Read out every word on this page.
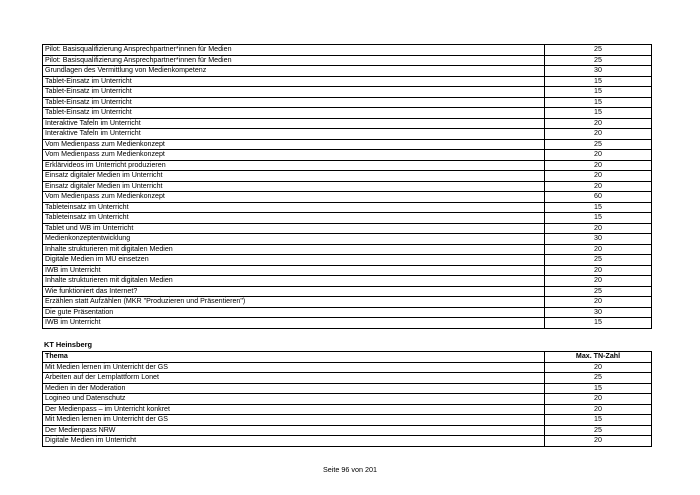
Pilot: Basisqualifizierung Ansprechpartner*innen für Medien	25
Pilot: Basisqualifizierung Ansprechpartner*innen für Medien	25
Grundlagen des Vermittlung von Medienkompetenz	30
Tablet-Einsatz im Unterricht	15
Tablet-Einsatz im Unterricht	15
Tablet-Einsatz im Unterricht	15
Tablet-Einsatz im Unterricht	15
Interaktive Tafeln im Unterricht	20
Interaktive Tafeln im Unterricht	20
Vom Medienpass zum Medienkonzept	25
Vom Medienpass zum Medienkonzept	20
Erklärvideos im Unterricht produzieren	20
Einsatz digitaler Medien im Unterricht	20
Einsatz digitaler Medien im Unterricht	20
Vom Medienpass zum Medienkonzept	60
Tableteinsatz im Unterricht	15
Tableteinsatz im Unterricht	15
Tablet und WB im Unterricht	20
Medienkonzeptentwicklung	30
Inhalte strukturieren mit digitalen Medien	20
Digitale Medien im MU einsetzen	25
IWB im Unterricht	20
Inhalte strukturieren mit digitalen Medien	20
Wie funktioniert das Internet?	25
Erzählen statt Aufzählen (MKR "Produzieren und Präsentieren")	20
Die gute Präsentation	30
IWB im Unterricht	15
KT Heinsberg
Thema	Max. TN-Zahl
Mit Medien lernen im Unterricht der GS	20
Arbeiten auf der Lernplattform Lonet	25
Medien in der Moderation	15
Logineo und Datenschutz	20
Der Medienpass – im Unterricht konkret	20
Mit Medien lernen im Unterricht der GS	15
Der Medienpass NRW	25
Digitale Medien im Unterricht	20
Seite 96 von 201
